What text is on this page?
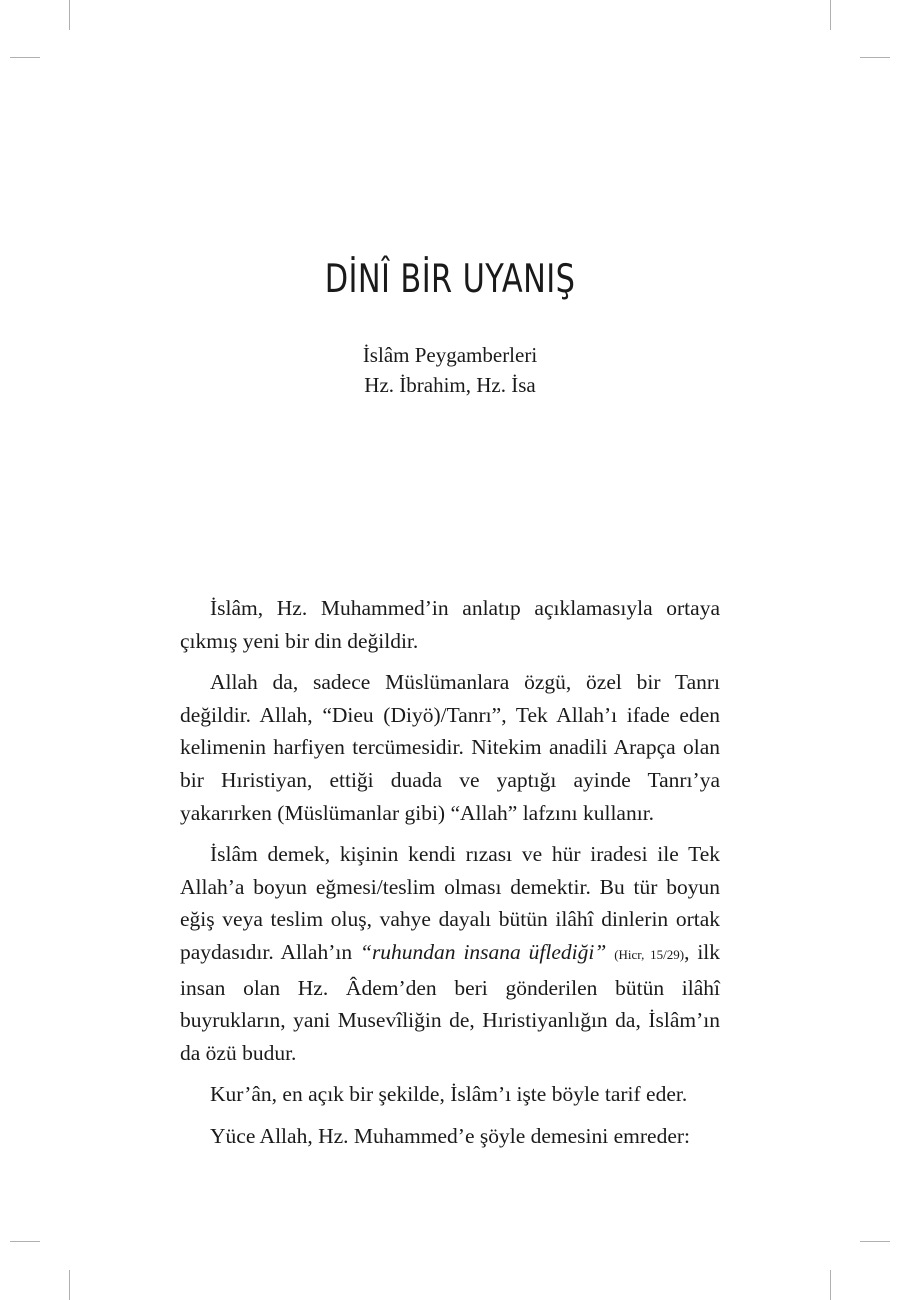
DİNÎ BİR UYANIŞ
İslâm Peygamberleri
Hz. İbrahim, Hz. İsa

İslâm, Hz. Muhammed’in anlatıp açıklamasıyla ortaya çıkmış yeni bir din değildir.

Allah da, sadece Müslümanlara özgü, özel bir Tanrı değildir. Allah, “Dieu (Diyö)/Tanrı”, Tek Allah’ı ifade eden kelimenin harfiyen tercümesidir. Nitekim anadili Arapça olan bir Hıristiyan, ettiği duada ve yaptığı ayinde Tanrı’ya yakarırken (Müslümanlar gibi) “Allah” lafzını kullanır.

İslâm demek, kişinin kendi rızası ve hür iradesi ile Tek Allah’a boyun eğmesi/teslim olması demektir. Bu tür boyun eğiş veya teslim oluş, vahye dayalı bütün ilâhî dinlerin ortak paydasıdır. Allah’ın “ruhundan insana üflediği” (Hicr, 15/29), ilk insan olan Hz. Âdem’den beri gönderilen bütün ilâhî buyrukların, yani Musevîliğin de, Hıristiyanlığın da, İslâm’ın da özü budur.

Kur’ân, en açık bir şekilde, İslâm’ı işte böyle tarif eder.

Yüce Allah, Hz. Muhammed’e şöyle demesini emreder:
